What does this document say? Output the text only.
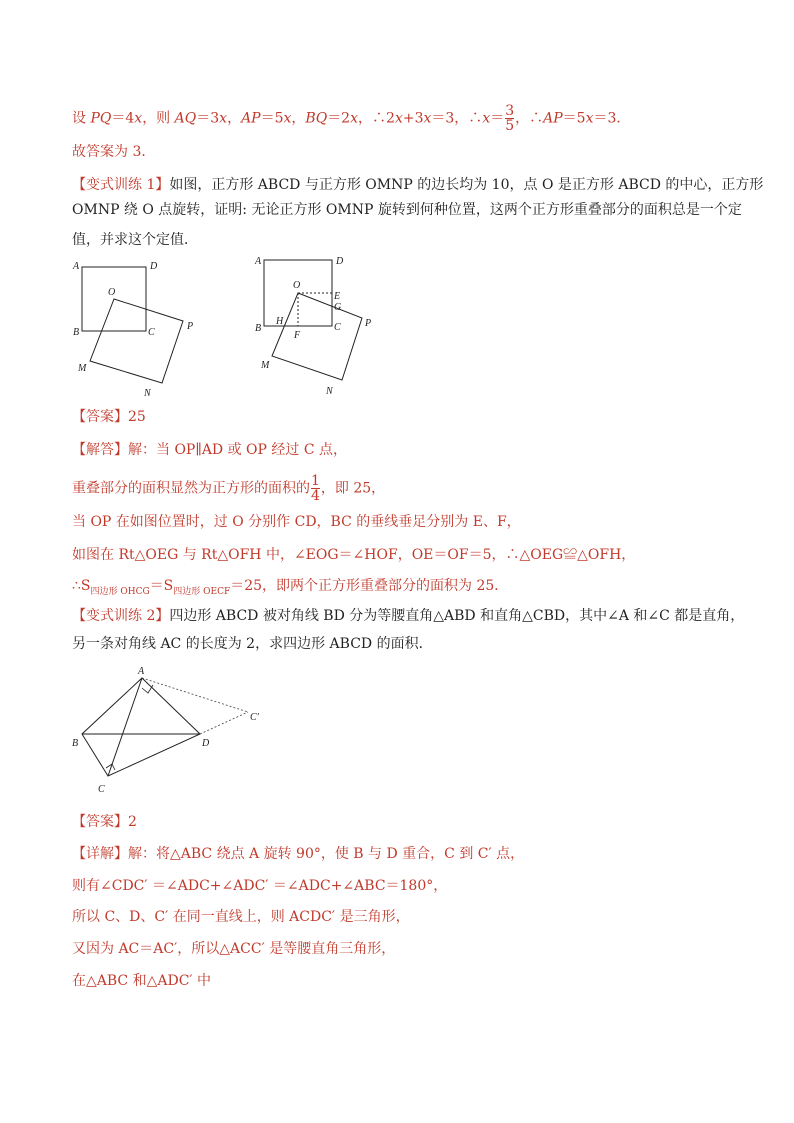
设 PQ＝4x，则 AQ＝3x，AP＝5x，BQ＝2x，∴2x+3x＝3，∴x＝ $\frac{3}{5}$ ，∴AP＝5x＝3．
故答案为 3．
【变式训练 1】如图，正方形 ABCD 与正方形 OMNP 的边长均为 10，点 O 是正方形 ABCD 的中心，正方形
OMNP 绕 O 点旋转，证明: 无论正方形 OMNP 旋转到何种位置，这两个正方形重叠部分的面积总是一个定
值，并求这个定值．
A	D
O
B	C
P
M
N
A	D
O
E
G
H
B
F
C P
M
N
【答案】25
【解答】解：当 OP∥AD 或 OP 经过 C 点，
重叠部分的面积显然为正方形的面积的 $\frac{1}{4}$ ，即 25，
当 OP 在如图位置时，过 O 分别作 CD，BC 的垂线垂足分别为 E、F，
如图在 Rt△OEG 与 Rt△OFH 中，∠EOG＝∠HOF，OE＝OF＝5，∴△OEG≌△OFH，
$\therefore S_{四边形 OHCG}=S_{四边形 OECF}=25$，即两个正方形重叠部分的面积为 25．
【变式训练 2】四边形 ABCD 被对角线 BD 分为等腰直角△ABD 和直角△CBD，其中∠A 和∠C 都是直角，
另一条对角线 AC 的长度为 2，求四边形 ABCD 的面积．
A
B	D
C
C′
【答案】2
【详解】解：将△ABC 绕点 A 旋转 90°，使 B 与 D 重合，C 到 C′ 点，
则有∠CDC′ ＝∠ADC+∠ADC′ ＝∠ADC+∠ABC＝180°，
所以 C、D、C′ 在同一直线上，则 ACDC′ 是三角形，
又因为 AC＝AC′，所以△ACC′ 是等腰直角三角形，
在△ABC 和△ADC′ 中
